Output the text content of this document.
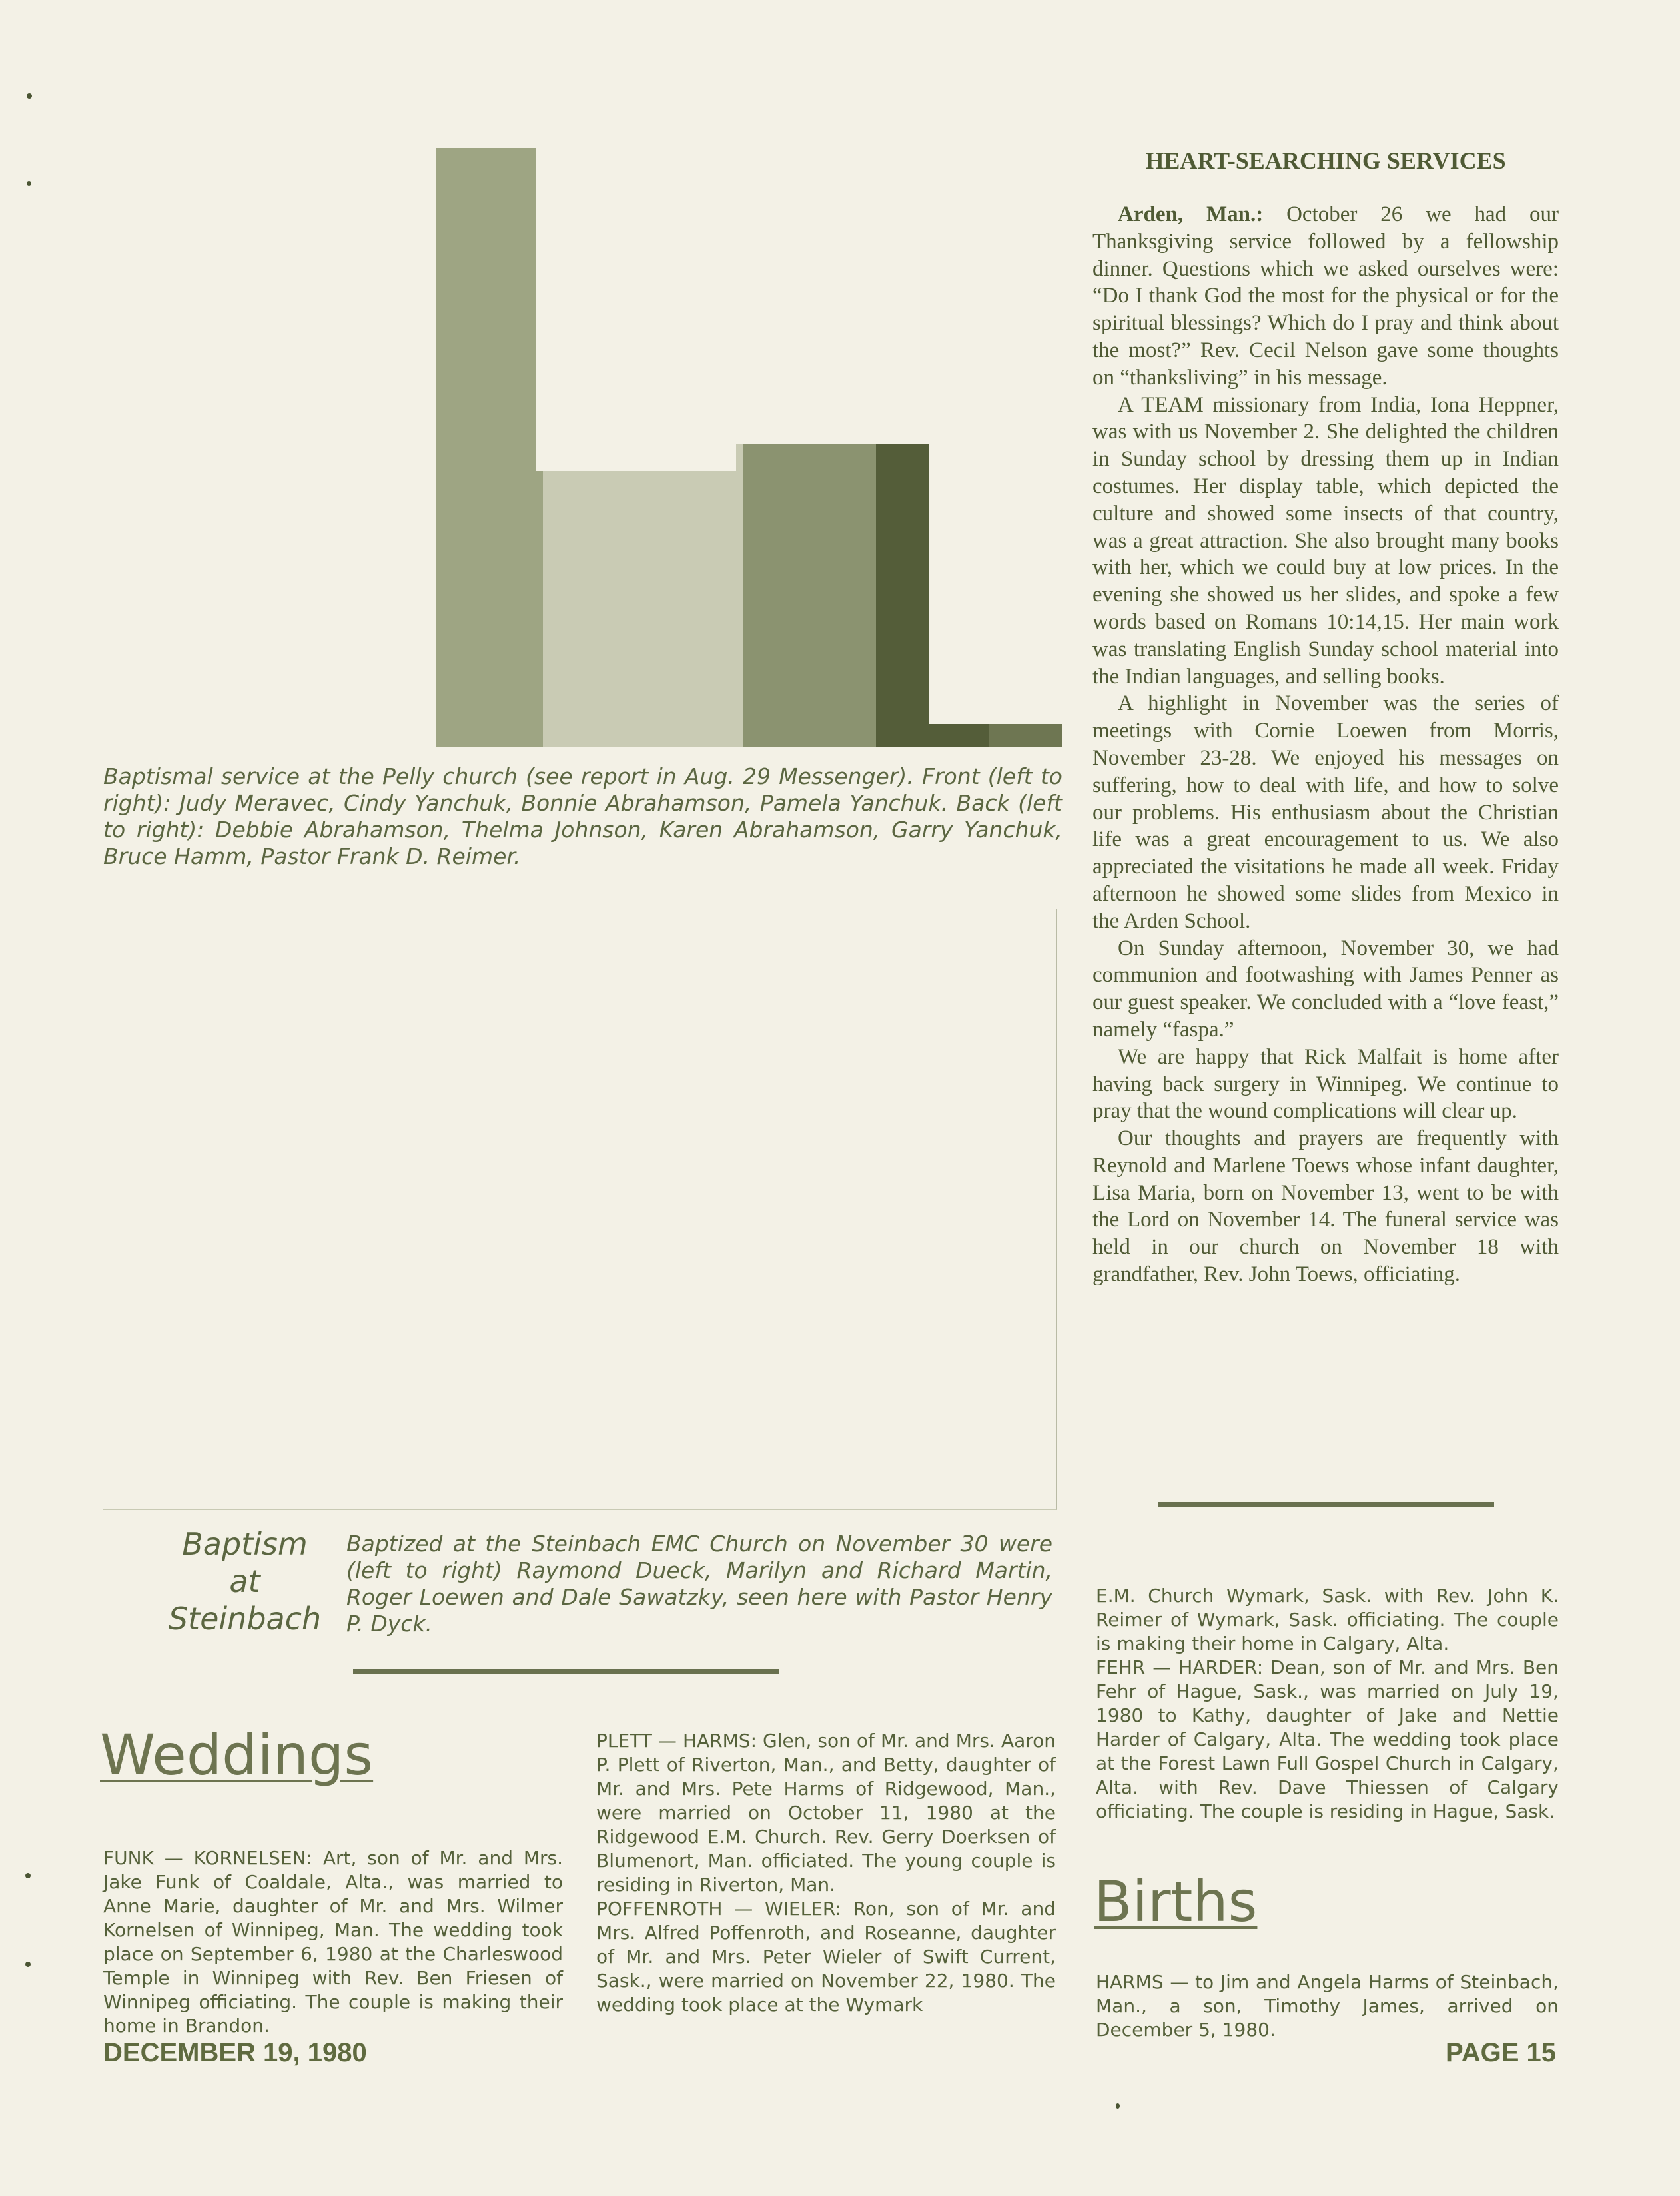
Baptismal service at the Pelly church (see report in Aug. 29 Messenger). Front (left to right): Judy Meravec, Cindy Yanchuk, Bonnie Abrahamson, Pamela Yanchuk. Back (left to right): Debbie Abrahamson, Thelma Johnson, Karen Abrahamson, Garry Yanchuk, Bruce Hamm, Pastor Frank D. Reimer.
Baptism
at
Steinbach
Baptized at the Steinbach EMC Church on November 30 were (left to right) Raymond Dueck, Marilyn and Richard Martin, Roger Loewen and Dale Sawatzky, seen here with Pastor Henry P. Dyck.
HEART-SEARCHING SERVICES

Arden, Man.: October 26 we had our Thanksgiving service followed by a fellowship dinner. Questions which we asked ourselves were: “Do I thank God the most for the physical or for the spiritual blessings? Which do I pray and think about the most?” Rev. Cecil Nelson gave some thoughts on “thanksliving” in his message.

A TEAM missionary from India, Iona Heppner, was with us November 2. She delighted the children in Sunday school by dressing them up in Indian costumes. Her display table, which depicted the culture and showed some insects of that country, was a great attraction. She also brought many books with her, which we could buy at low prices. In the evening she showed us her slides, and spoke a few words based on Romans 10:14,15. Her main work was translating English Sunday school material into the Indian languages, and selling books.

A highlight in November was the series of meetings with Cornie Loewen from Morris, November 23-28. We enjoyed his messages on suffering, how to deal with life, and how to solve our problems. His enthusiasm about the Christian life was a great encouragement to us. We also appreciated the visitations he made all week. Friday afternoon he showed some slides from Mexico in the Arden School.

On Sunday afternoon, November 30, we had communion and footwashing with James Penner as our guest speaker. We concluded with a “love feast,” namely “faspa.”

We are happy that Rick Malfait is home after having back surgery in Winnipeg. We continue to pray that the wound complications will clear up.

Our thoughts and prayers are frequently with Reynold and Marlene Toews whose infant daughter, Lisa Maria, born on November 13, went to be with the Lord on November 14. The funeral service was held in our church on November 18 with grandfather, Rev. John Toews, officiating.

Weddings

FUNK — KORNELSEN: Art, son of Mr. and Mrs. Jake Funk of Coaldale, Alta., was married to Anne Marie, daughter of Mr. and Mrs. Wilmer Kornelsen of Winnipeg, Man. The wedding took place on September 6, 1980 at the Charleswood Temple in Winnipeg with Rev. Ben Friesen of Winnipeg officiating. The couple is making their home in Brandon.

PLETT — HARMS: Glen, son of Mr. and Mrs. Aaron P. Plett of Riverton, Man., and Betty, daughter of Mr. and Mrs. Pete Harms of Ridgewood, Man., were married on October 11, 1980 at the Ridgewood E.M. Church. Rev. Gerry Doerksen of Blumenort, Man. officiated. The young couple is residing in Riverton, Man.

POFFENROTH — WIELER: Ron, son of Mr. and Mrs. Alfred Poffenroth, and Roseanne, daughter of Mr. and Mrs. Peter Wieler of Swift Current, Sask., were married on November 22, 1980. The wedding took place at the Wymark

E.M. Church Wymark, Sask. with Rev. John K. Reimer of Wymark, Sask. officiating. The couple is making their home in Calgary, Alta.

FEHR — HARDER: Dean, son of Mr. and Mrs. Ben Fehr of Hague, Sask., was married on July 19, 1980 to Kathy, daughter of Jake and Nettie Harder of Calgary, Alta. The wedding took place at the Forest Lawn Full Gospel Church in Calgary, Alta. with Rev. Dave Thiessen of Calgary officiating. The couple is residing in Hague, Sask.

Births
HARMS — to Jim and Angela Harms of Steinbach, Man., a son, Timothy James, arrived on December 5, 1980.
DECEMBER 19, 1980	PAGE 15
